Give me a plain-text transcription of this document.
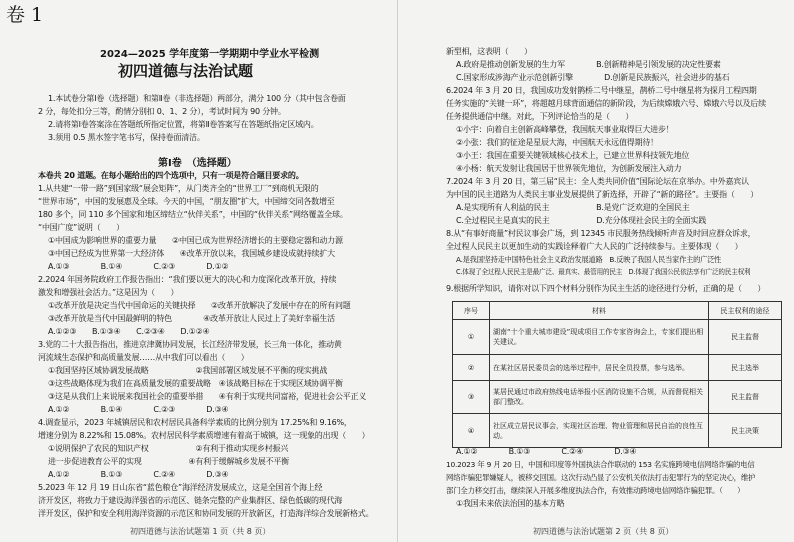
卷 1
2024—2025 学年度第一学期期中学业水平检测
初四道德与法治试题
1.本试卷分第Ⅰ卷（选择题）和第Ⅱ卷（非选择题）两部分，满分 100 分（其中包含卷面
2 分，每处扣分三等，酌情分别扣 0、1、2 分），考试时间为 90 分钟。
2.请将第Ⅰ卷答案涂在答题纸所指定位置，将第Ⅱ卷答案写在答题纸指定区域内。
3.须用 0.5 黑水签字笔书写，保持卷面清洁。
第Ⅰ卷　（选择题）
本卷共 20 道题。在每小题给出的四个选项中，只有一项是符合题目要求的。
1.从共建“一带一路”到国家级“展会矩阵”，从门类齐全的“世界工厂”到商机无限的
“世界市场”，中国的发展惠及全球。今天的中国，“朋友圈”扩大，中国缔交同各数增至
180 多个，同 110 多个国家和地区缔结立“伙伴关系”，中国的“伙伴关系”网络覆盖全球。
“中国广度”说明（　　）
①中国成为影响世界的重要力量　　②中国已成为世界经济增长的主要稳定器和动力源
③中国已经成为世界第一大经济体　　④改革开放以来，我国城乡建设成就持续扩大
A.①③　　　　B.①④　　　　C.②③　　　　D.①②
2.2024 年国务院政府工作报告指出：“我们要以更大的决心和力度深化改革开放，持续
激发和增强社会活力。”这是因为（　　）
①改革开放是决定当代中国命运的关键抉择　　②改革开放解决了发展中存在的所有问题
③改革开放是当代中国最鲜明的特色　　　　④改革开放让人民过上了美好幸福生活
A.①②③　　B.①③④　　C.②③④　　D.①②④
3.党的二十大报告指出，推进京津冀协同发展，长江经济带发展，长三角一体化，推动黄
河流域生态保护和高质量发展……从中我们可以看出（　　）
①我国坚持区域协调发展战略　　　　　　②我国部署区域发展不平衡的现实挑战
③这些战略体现为我们在高质量发展的重要战略　④该战略目标在于实现区域协调平衡
③这是从我们上来说展来我国社会的重要举措　　④有利于实现共同富裕，促进社会公平正义
A.①②　　　　B.①④　　　　C.②③　　　　D.③④
4.调查显示，2023 年城镇居民和农村居民具备科学素质的比例分别为 17.25%和 9.16%，
增速分别为 8.22%和 15.08%。农村居民科学素质增速有着高于城镇，这一现象的出现（　　）
①说明保护了农民的知识产权　　　　　　②有利于推动实现乡村振兴
进一步促进教育公平的实现　　　　　　④有利于缓解城乡发展不平衡
A.①②　　　　B.①③　　　　C.②④　　　　D.③④
5.2023 年 12 月 19 日山东省“蓝色粮仓”海洋经济发展成立，这是全国首个海上经
济开发区，将致力于建设海洋强省的示范区、链条完整的产业集群区、绿色低碳的现代海
洋开发区，保护和安全利用海洋资源的示范区和协同发展的开放新区，打造海洋综合发展新格式。
初四道德与法治试题第 1 页（共 8 页）
新型相，这表明（　　）
A.政府是推动创新发展的生力军　　　　B.创新精神是引领发展的决定性要素
C.国家形成涉海产业示范创新引擎　　　　D.创新是民族振兴，社会进步的基石
6.2024 年 3 月 20 日，我国成功发射鹊桥二号中继星，鹊桥二号中继星将为探月工程四期
任务实施的“关键一环”，将超越月球背面通信的新阶段，为后续嫦娥六号、嫦娥六号以及后续
任务提供通信中继。对此，下列评论恰当的是（　　）
①小宇：向着自主创新高峰攀登，我国航天事业取得巨大进步！
②小张：我们的征途是星辰大海，中国航天永远值得期待！
③小王：我国在重要关键领域核心技术上，已建立世界科技领先地位
④小杨：航天发射让我国居于世界领先地位，为创新发展注入动力
7.2024 年 3 月 20 日，第三届“民主：全人类共同价值”国际论坛在京举办。中外嘉宾认
为中国的民主道路为人类民主事业发展提供了新选择，开辟了“新的路径”。主要指（　　）
A.是实现所有人利益的民主　　　　　　B.是党广泛欢迎的全国民主
C.全过程民主是真实的民主　　　　　　D.充分体现社会民主的全面实践
8.从“有事好商量”村民议事会广场，到 12345 市民服务热线倾听声音及时回应群众诉求，
全过程人民民主以更加生动的实践诠释着广大人民的广泛持续参与。主要体现（　　）
A.是我国坚持走中国特色社会主义政治发展道路　B.反映了我国人民当家作主的广泛性
C.体现了全过程人民民主是最广泛、最真实、最管用的民主　D.体现了我国公民依法享有广泛的民主权利
9.根据所学知识，请你对以下四个材料分别作为民主生活的途径进行分析，正确的是（　　）
序号	材料	民主权利的途径
①	湖南“十个重大城市建设”现成项目工作专家咨询会上，专家们提出相关建议。	民主监督
②	在某社区居民委员会的选举过程中，居民全员投票，参与选举。	民主选举
③	某居民通过市政府热线电话举报小区消防设施不合规，从而督促相关部门整改。	民主监督
④	社区成立居民议事会，实现社区治理、物业管理和居民自治的良性互动。	民主决策
A.①②　　　　B.①③　　　　C.②④　　　　D.③④
10.2023 年 9 月 20 日，中国和印度等外国执法合作联动的 153 名实施跨境电信网络诈骗的电信
网络诈骗犯罪嫌疑人，被移交回国。这次行动凸显了公安机关依法打击犯罪行为的坚定决心，维护
部门全力移交打击，继续深入开展多维度执法合作，有效推动跨境电信网络诈骗犯罪。（　　）
①我国未来依法治国的基本方略
初四道德与法治试题第 2 页（共 8 页）
